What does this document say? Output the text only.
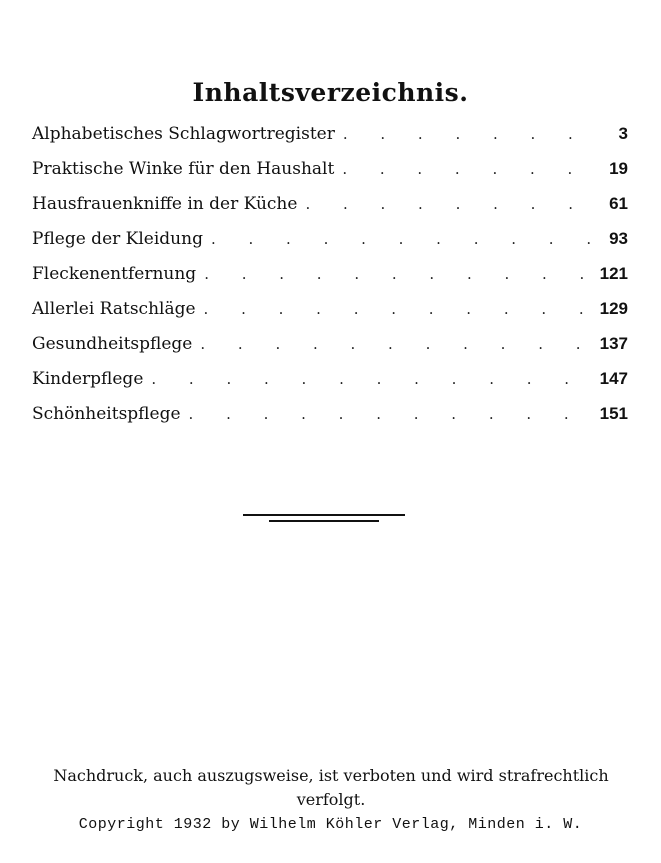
Inhaltsverzeichnis.
Alphabetisches Schlagwortregister . . .	3
Praktische Winke für den Haushalt . . .	19
Hausfrauenkniffe in der Küche . . .	61
Pflege der Kleidung . . .	93
Fleckenentfernung . . .	121
Allerlei Ratschläge . . .	129
Gesundheitspflege . . .	137
Kinderpflege . . .	147
Schönheitspflege . . .	151
Nachdruck, auch auszugsweise, ist verboten und wird strafrechtlich
verfolgt.
Copyright 1932 by Wilhelm Köhler Verlag, Minden i. W.
